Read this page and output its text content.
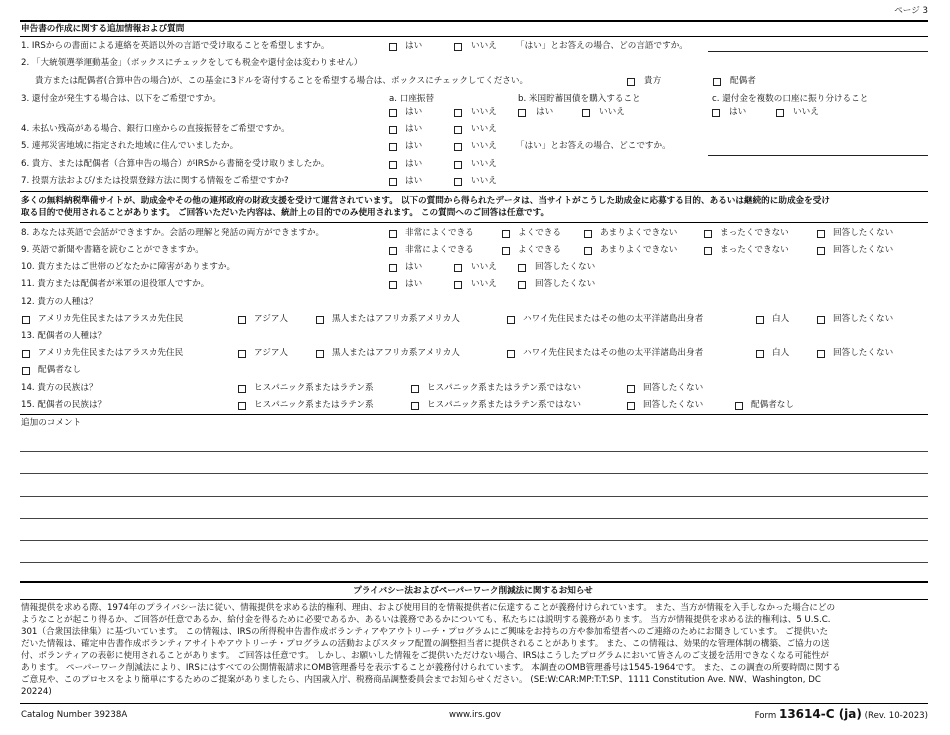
ページ 3
申告書の作成に関する追加情報および質問
1. IRSからの書面による連絡を英語以外の言語で受け取ることを希望しますか。	はい	いいえ 「はい」とお答えの場合、どの言語ですか。
2. 「大統領選挙運動基金」（ボックスにチェックをしても税金や還付金は変わりません）
貴方または配偶者(合算申告の場合)が、この基金に3ドルを寄付することを希望する場合は、ボックスにチェックしてください。	貴方	配偶者
3. 還付金が発生する場合は、以下をご希望ですか。	a. 口座振替	b. 米国貯蓄国債を購入すること	c. 還付金を複数の口座に振り分けること
はい	いいえ	はい	いいえ	はい	いいえ
4. 未払い残高がある場合、銀行口座からの直接振替をご希望ですか。	はい	いいえ
5. 連邦災害地域に指定された地域に住んでいましたか。	はい	いいえ 「はい」とお答えの場合、どこですか。
6. 貴方、または配偶者（合算申告の場合）がIRSから書簡を受け取りましたか。	はい	いいえ
7. 投票方法および/または投票登録方法に関する情報をご希望ですか?	はい	いいえ
多くの無料納税準備サイトが、助成金やその他の連邦政府の財政支援を受けて運営されています。 以下の質問から得られたデータは、当サイトがこうした助成金に応募する目的、あるいは継続的に助成金を受け
取る目的で使用されることがあります。 ご回答いただいた内容は、統計上の目的でのみ使用されます。 この質問へのご回答は任意です。
8. あなたは英語で会話ができますか。会話の理解と発話の両方ができますか。	非常によくできる	よくできる	あまりよくできない	まったくできない	回答したくない
9. 英語で新聞や書籍を読むことができますか。	非常によくできる	よくできる	あまりよくできない	まったくできない	回答したくない
10. 貴方またはご世帯のどなたかに障害がありますか。	はい	いいえ	回答したくない
11. 貴方または配偶者が米軍の退役軍人ですか。	はい	いいえ	回答したくない
12. 貴方の人種は？
アメリカ先住民またはアラスカ先住民	アジア人	黒人またはアフリカ系アメリカ人	ハワイ先住民またはその他の太平洋諸島出身者	白人	回答したくない
13. 配偶者の人種は？
アメリカ先住民またはアラスカ先住民	アジア人	黒人またはアフリカ系アメリカ人	ハワイ先住民またはその他の太平洋諸島出身者	白人	回答したくない
配偶者なし
14. 貴方の民族は？	ヒスパニック系またはラテン系	ヒスパニック系またはラテン系ではない	回答したくない
15. 配偶者の民族は？	ヒスパニック系またはラテン系	ヒスパニック系またはラテン系ではない	回答したくない	配偶者なし
追加のコメント
プライバシー法およびペーパーワーク削減法に関するお知らせ
情報提供を求める際、1974年のプライバシー法に従い、情報提供を求める法的権利、理由、および使用目的を情報提供者に伝達することが義務付けられています。 また、当方が情報を入手しなかった場合にどの
ようなことが起こり得るか、ご回答が任意であるか、給付金を得るために必要であるか、あるいは義務であるかについても、私たちには説明する義務があります。 当方が情報提供を求める法的権利は、5 U.S.C.
301（合衆国法律集）に基づいています。 この情報は、IRSの所得税申告書作成ボランティアやアウトリーチ・プログラムにご興味をお持ちの方や参加希望者へのご連絡のためにお聞きしています。 ご提供いた
だいた情報は、確定申告書作成ボランティアサイトやアウトリーチ・プログラムの活動およびスタッフ配置の調整担当者に提供されることがあります。 また、この情報は、効果的な管理体制の構築、ご協力の送
付、ボランティアの表彰に使用されることがあります。 ご回答は任意です。 しかし、お願いした情報をご提供いただけない場合、IRSはこうしたプログラムにおいて皆さんのご支援を活用できなくなる可能性が
あります。 ペーパーワーク削減法により、IRSにはすべての公開情報請求にOMB管理番号を表示することが義務付けられています。 本調査のOMB管理番号は1545-1964です。 また、この調査の所要時間に関する
ご意見や、このプロセスをより簡単にするためのご提案がありましたら、内国歳入庁、税務商品調整委員会までお知らせください。 (SE:W:CAR:MP:T:T:SP、1111 Constitution Ave. NW、Washington, DC
20224)
Catalog Number 39238A	www.irs.gov	Form 13614-C (ja) (Rev. 10-2023)
